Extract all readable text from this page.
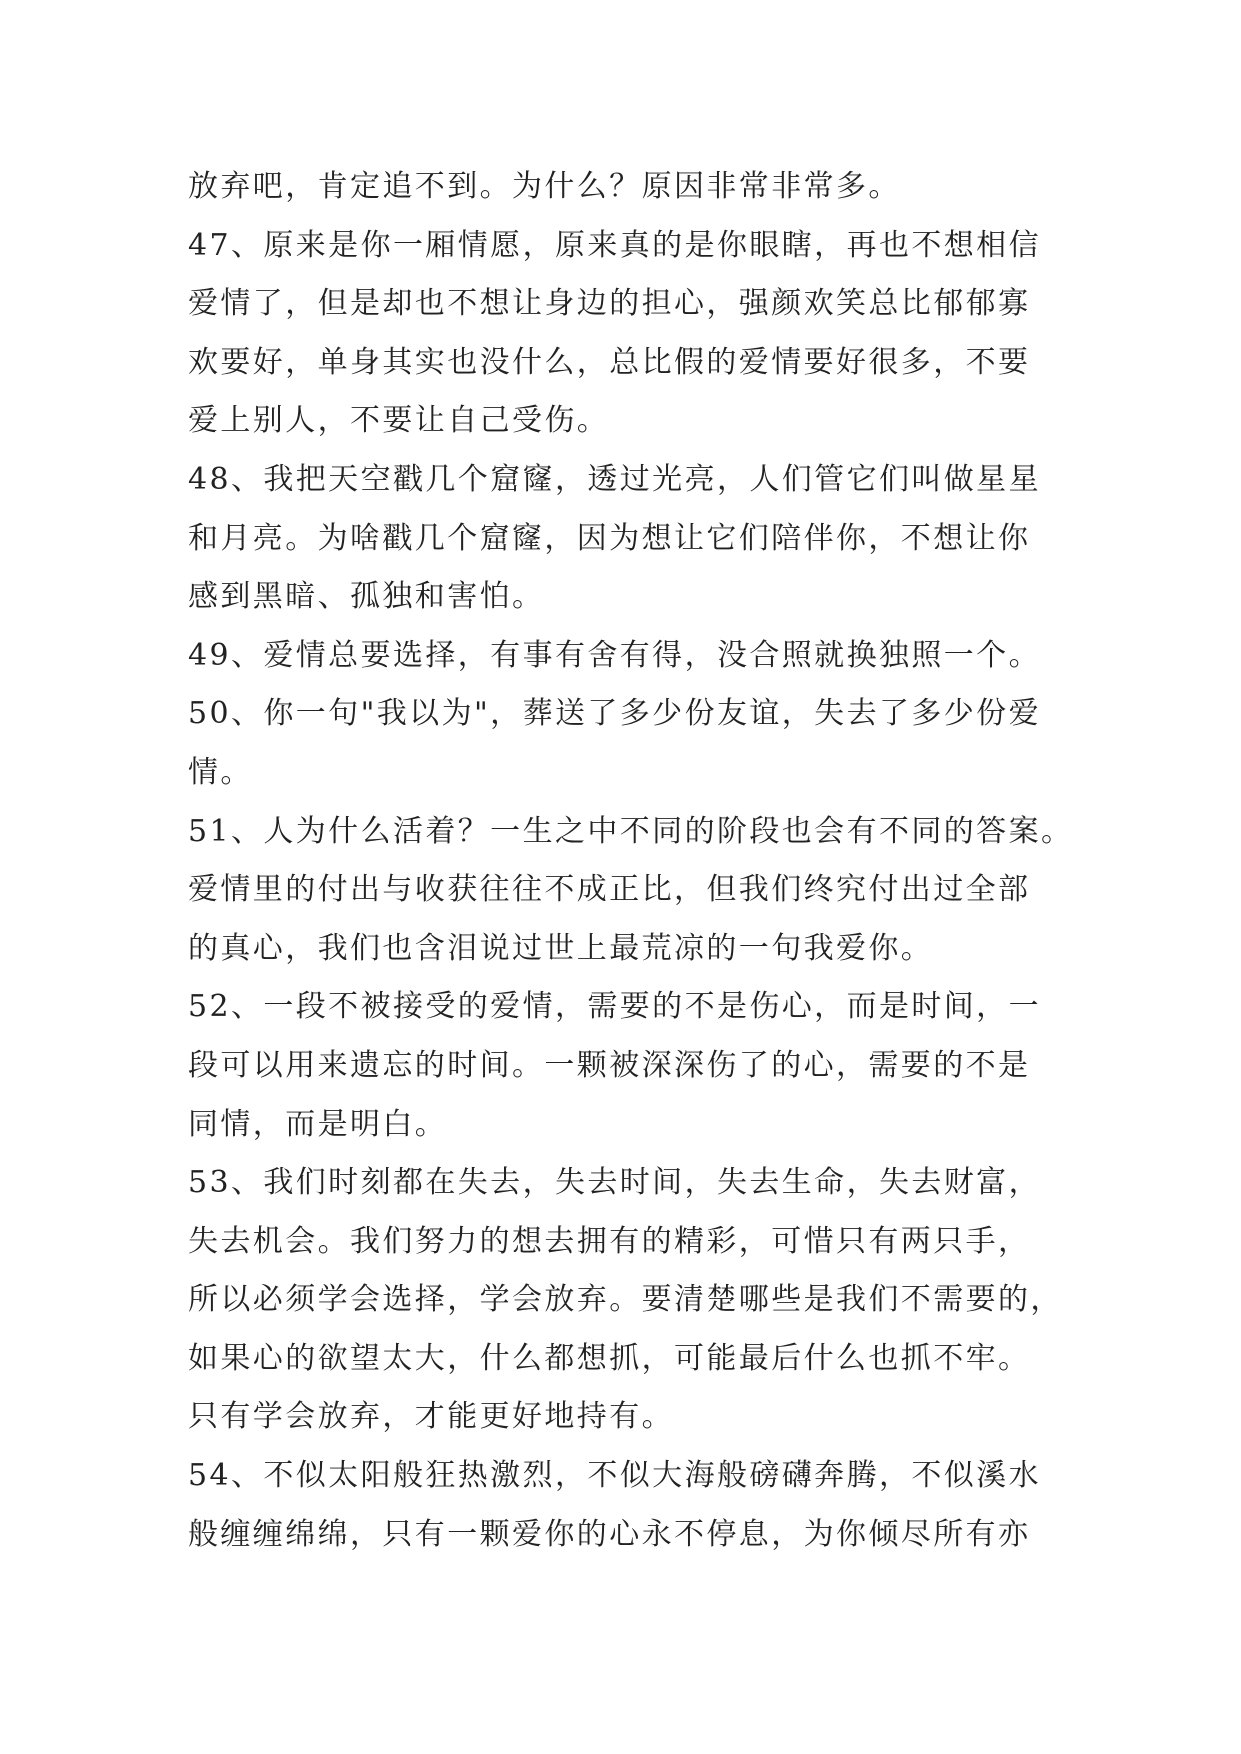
放弃吧，肯定追不到。为什么？原因非常非常多。
47、原来是你一厢情愿，原来真的是你眼瞎，再也不想相信
爱情了，但是却也不想让身边的担心，强颜欢笑总比郁郁寡
欢要好，单身其实也没什么，总比假的爱情要好很多，不要
爱上别人，不要让自己受伤。
48、我把天空戳几个窟窿，透过光亮，人们管它们叫做星星
和月亮。为啥戳几个窟窿，因为想让它们陪伴你，不想让你
感到黑暗、孤独和害怕。
49、爱情总要选择，有事有舍有得，没合照就换独照一个。
50、你一句"我以为"，葬送了多少份友谊，失去了多少份爱
情。
51、人为什么活着？一生之中不同的阶段也会有不同的答案。
爱情里的付出与收获往往不成正比，但我们终究付出过全部
的真心，我们也含泪说过世上最荒凉的一句我爱你。
52、一段不被接受的爱情，需要的不是伤心，而是时间，一
段可以用来遗忘的时间。一颗被深深伤了的心，需要的不是
同情，而是明白。
53、我们时刻都在失去，失去时间，失去生命，失去财富，
失去机会。我们努力的想去拥有的精彩，可惜只有两只手，
所以必须学会选择，学会放弃。要清楚哪些是我们不需要的，
如果心的欲望太大，什么都想抓，可能最后什么也抓不牢。
只有学会放弃，才能更好地持有。
54、不似太阳般狂热激烈，不似大海般磅礴奔腾，不似溪水
般缠缠绵绵，只有一颗爱你的心永不停息，为你倾尽所有亦
